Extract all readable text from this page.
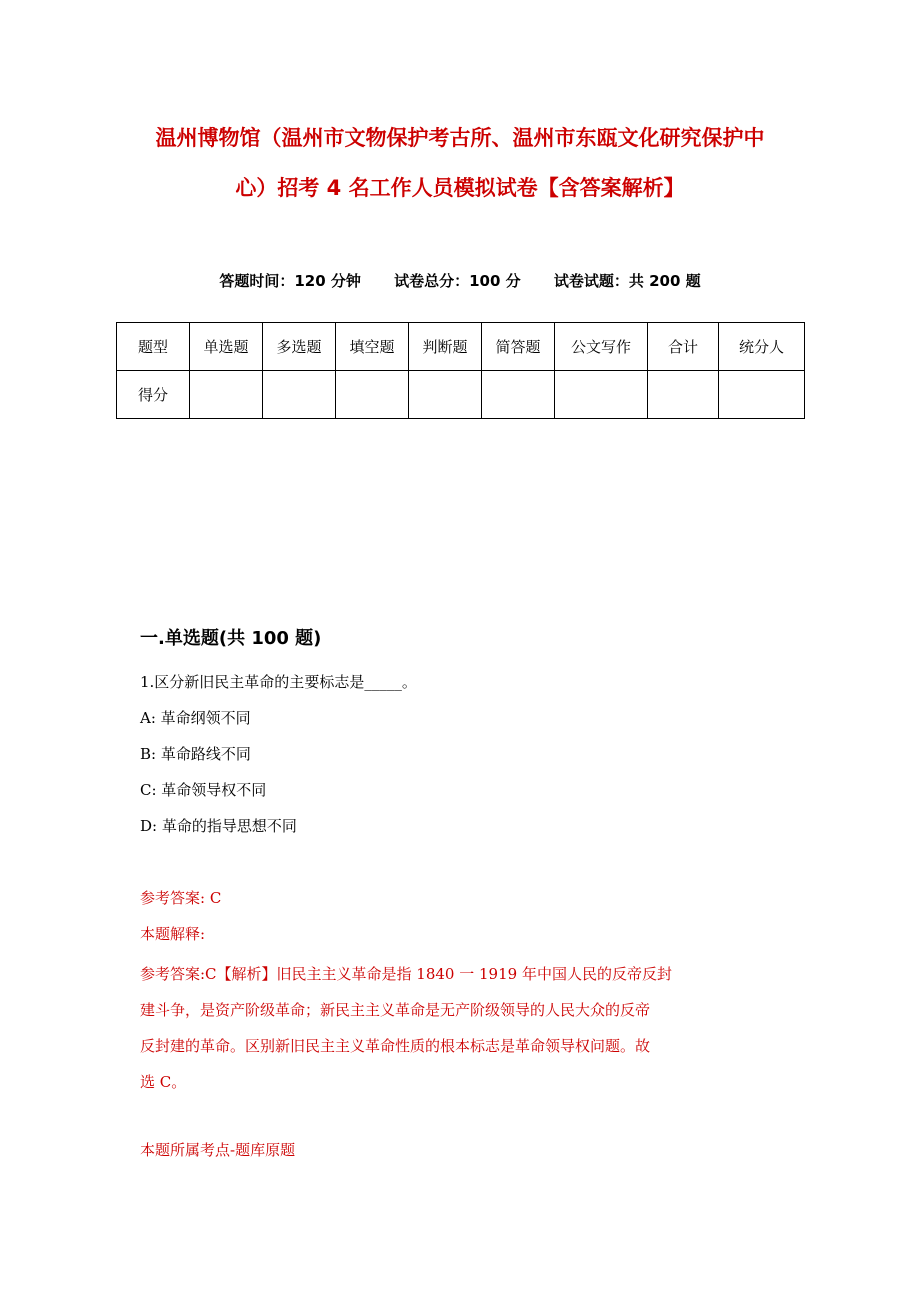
温州博物馆（温州市文物保护考古所、温州市东瓯文化研究保护中
心）招考 4 名工作人员模拟试卷【含答案解析】
答题时间：120 分钟 试卷总分：100 分 试卷试题：共 200 题
题型	单选题	多选题	填空题	判断题	简答题	公文写作	合计	统分人
得分								
一.单选题(共 100 题)
1.区分新旧民主革命的主要标志是_____。
A: 革命纲领不同
B: 革命路线不同
C: 革命领导权不同
D: 革命的指导思想不同
参考答案: C
本题解释:
参考答案:C【解析】旧民主主义革命是指 1840 一 1919 年中国人民的反帝反封
建斗争，是资产阶级革命；新民主主义革命是无产阶级领导的人民大众的反帝
反封建的革命。区别新旧民主主义革命性质的根本标志是革命领导权问题。故
选 C。
本题所属考点-题库原题
